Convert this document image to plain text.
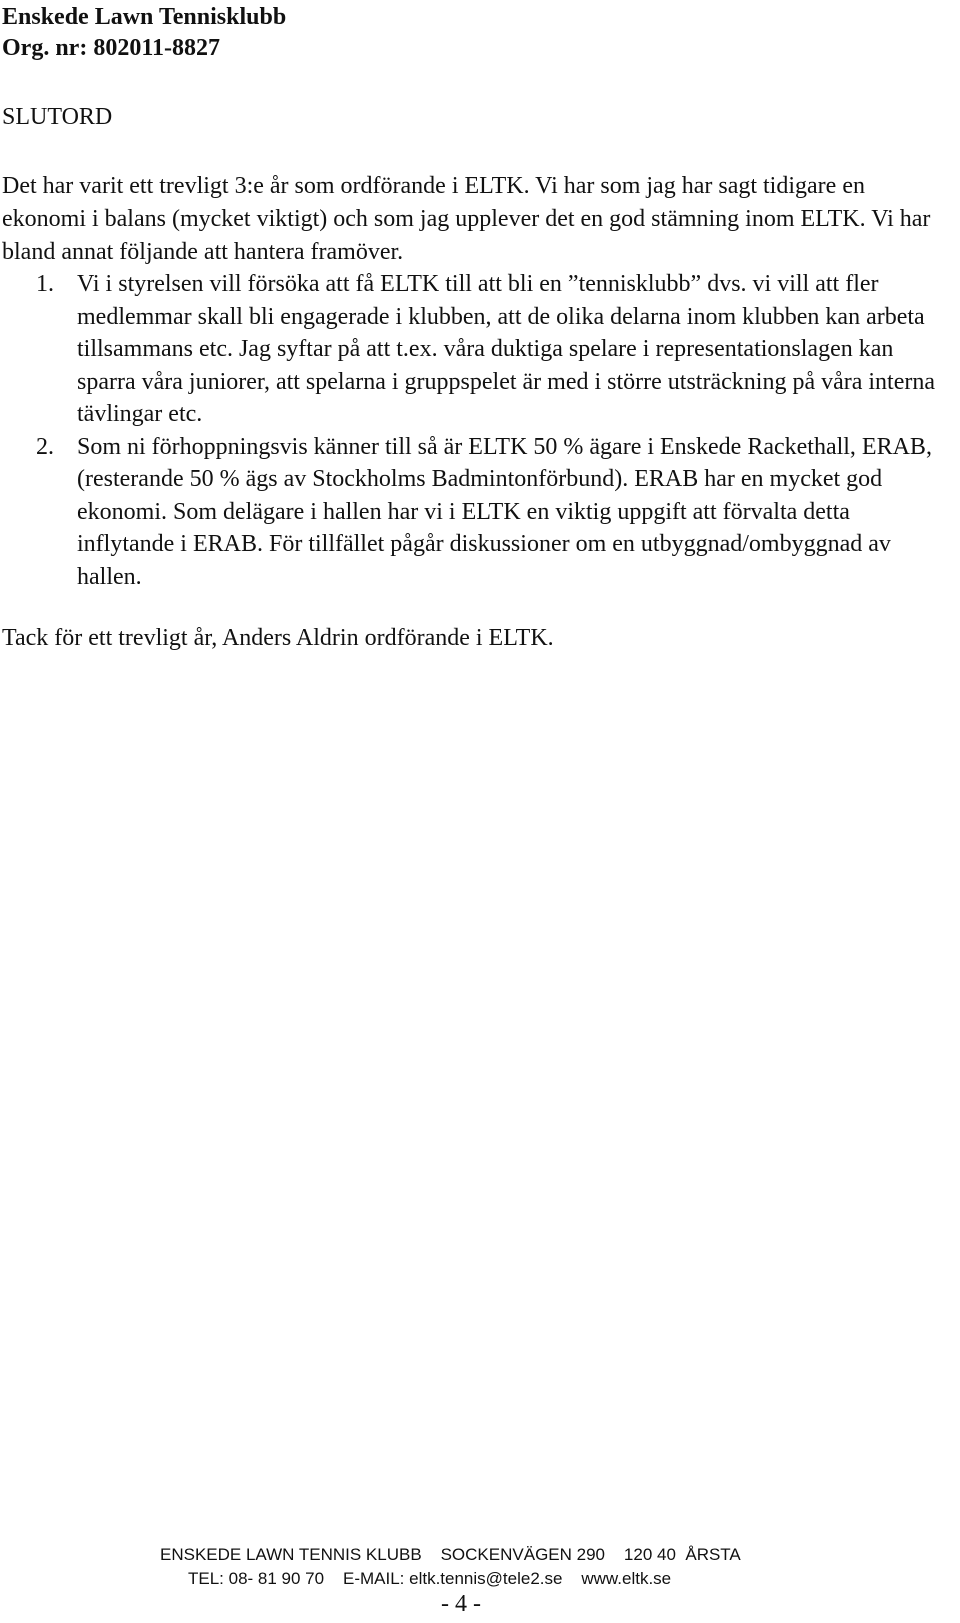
Enskede Lawn Tennisklubb
Org. nr: 802011-8827
SLUTORD
Det har varit ett trevligt 3:e år som ordförande i ELTK. Vi har som jag har sagt tidigare en ekonomi i balans (mycket viktigt) och som jag upplever det en god stämning inom ELTK. Vi har bland annat följande att hantera framöver.
1. Vi i styrelsen vill försöka att få ELTK till att bli en ”tennisklubb” dvs. vi vill att fler medlemmar skall bli engagerade i klubben, att de olika delarna inom klubben kan arbeta tillsammans etc. Jag syftar på att t.ex. våra duktiga spelare i representationslagen kan sparra våra juniorer, att spelarna i gruppspelet är med i större utsträckning på våra interna tävlingar etc.
2. Som ni förhoppningsvis känner till så är ELTK 50 % ägare i Enskede Rackethall, ERAB, (resterande 50 % ägs av Stockholms Badmintonförbund). ERAB har en mycket god ekonomi. Som delägare i hallen har vi i ELTK en viktig uppgift att förvalta detta inflytande i ERAB. För tillfället pågår diskussioner om en utbyggnad/ombyggnad av hallen.
Tack för ett trevligt år, Anders Aldrin ordförande i ELTK.
ENSKEDE LAWN TENNIS KLUBB SOCKENVÄGEN 290 120 40  ÅRSTA
TEL: 08- 81 90 70 E-MAIL: eltk.tennis@tele2.se www.eltk.se
- 4 -
